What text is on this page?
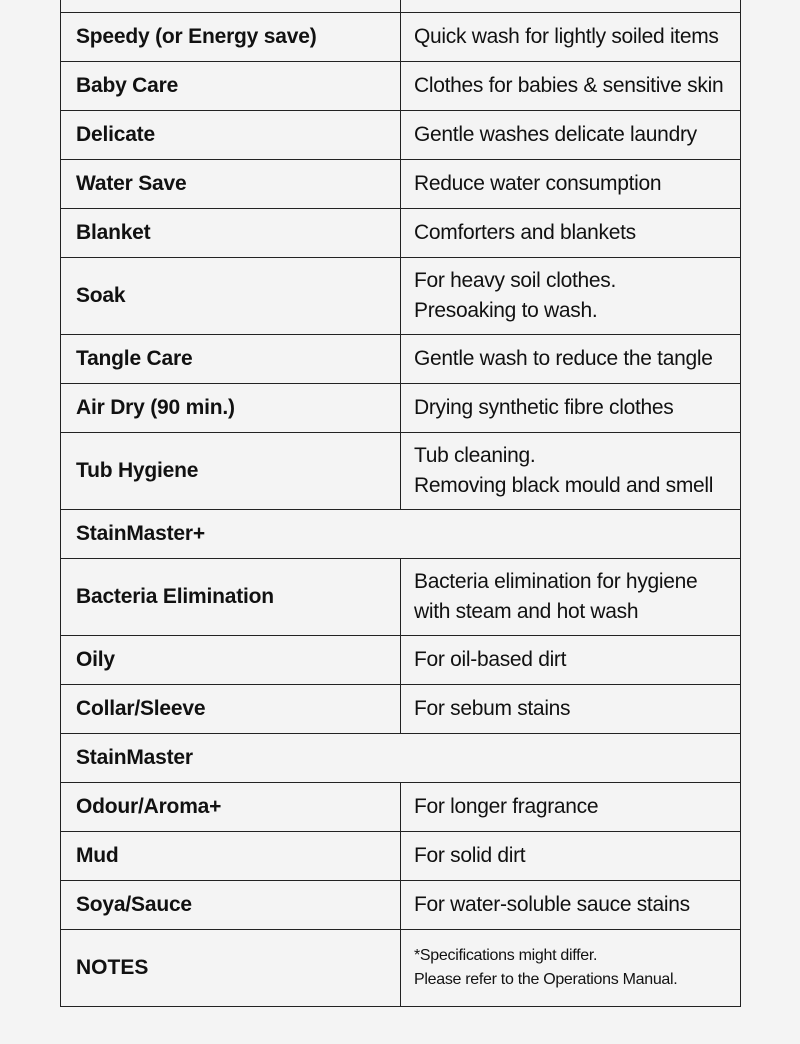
Speedy (or Energy save)	Quick wash for lightly soiled items

Baby Care	Clothes for babies & sensitive skin

Delicate	Gentle washes delicate laundry

Water Save	Reduce water consumption

Blanket	Comforters and blankets

Soak	For heavy soil clothes.
Presoaking to wash.

Tangle Care	Gentle wash to reduce the tangle

Air Dry (90 min.)	Drying synthetic fibre clothes

Tub Hygiene	Tub cleaning.
Removing black mould and smell

StainMaster+	
Bacteria Elimination	Bacteria elimination for hygiene
with steam and hot wash

Oily	For oil-based dirt

Collar/Sleeve	For sebum stains

StainMaster	
Odour/Aroma+	For longer fragrance

Mud	For solid dirt

Soya/Sauce	For water-soluble sauce stains

NOTES	*Specifications might differ.
Please refer to the Operations Manual.
